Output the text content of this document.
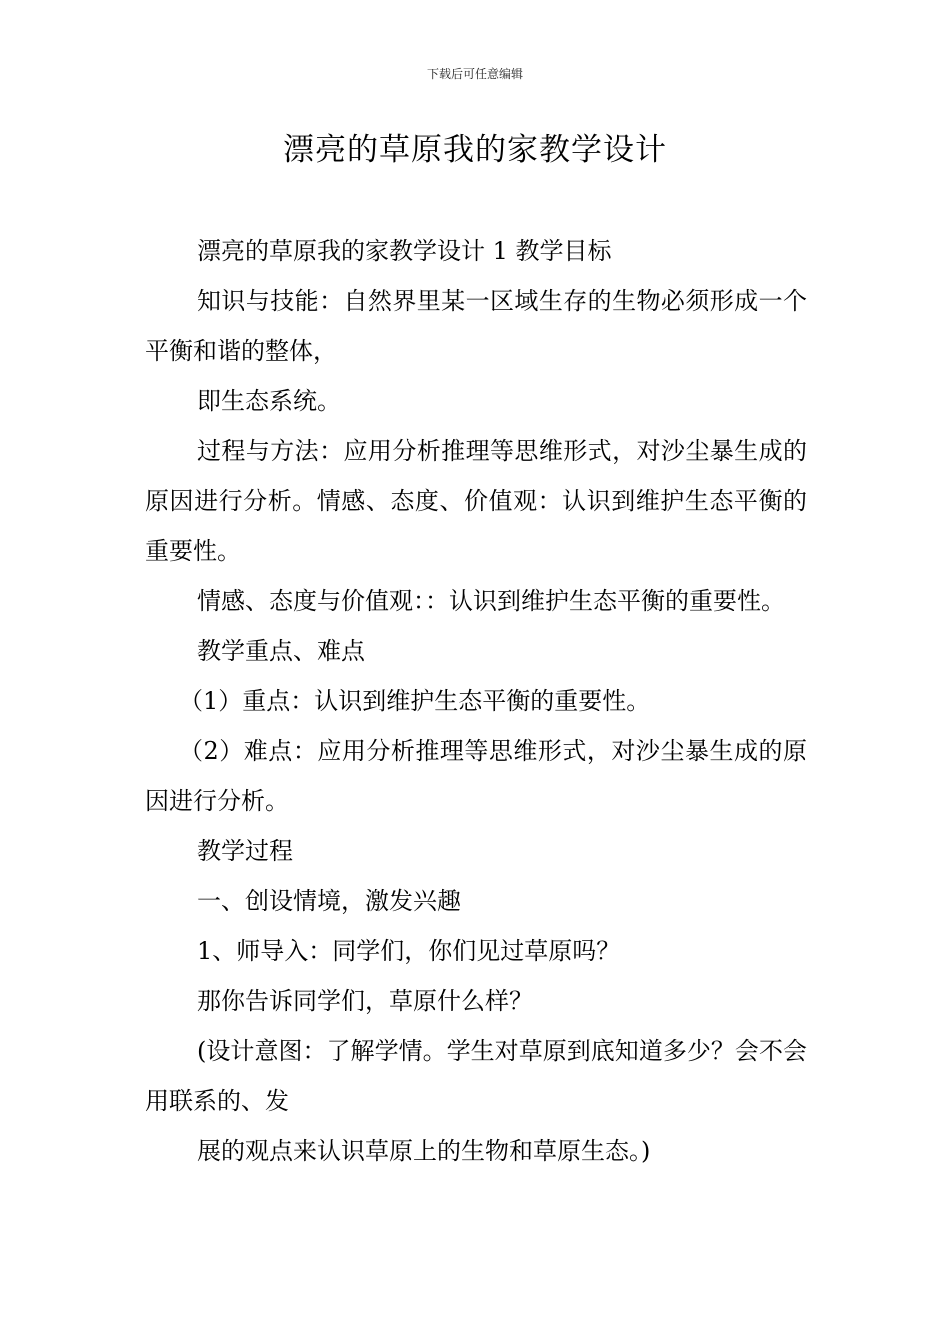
下载后可任意编辑
漂亮的草原我的家教学设计

漂亮的草原我的家教学设计 1 教学目标

知识与技能：自然界里某一区域生存的生物必须形成一个平衡和谐的整体，

即生态系统。

过程与方法：应用分析推理等思维形式，对沙尘暴生成的原因进行分析。情感、态度、价值观：认识到维护生态平衡的重要性。

情感、态度与价值观：：认识到维护生态平衡的重要性。

教学重点、难点

（1）重点：认识到维护生态平衡的重要性。

（2）难点：应用分析推理等思维形式，对沙尘暴生成的原因进行分析。

教学过程

一、创设情境，激发兴趣

1、师导入：同学们，你们见过草原吗？

那你告诉同学们，草原什么样？

(设计意图：了解学情。学生对草原到底知道多少？会不会用联系的、发

展的观点来认识草原上的生物和草原生态。)
